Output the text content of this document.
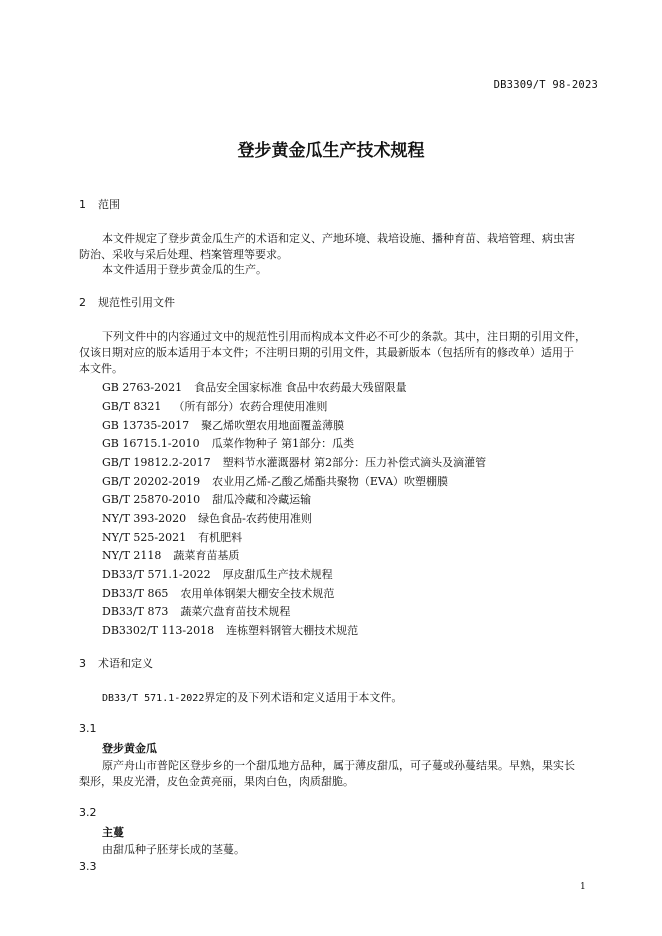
DB3309/T 98-2023
登步黄金瓜生产技术规程
1 范围
本文件规定了登步黄金瓜生产的术语和定义、产地环境、栽培设施、播种育苗、栽培管理、病虫害
防治、采收与采后处理、档案管理等要求。
本文件适用于登步黄金瓜的生产。
2 规范性引用文件
下列文件中的内容通过文中的规范性引用而构成本文件必不可少的条款。其中，注日期的引用文件，
仅该日期对应的版本适用于本文件；不注明日期的引用文件，其最新版本（包括所有的修改单）适用于
本文件。
GB 2763-2021 食品安全国家标准 食品中农药最大残留限量
GB/T 8321 （所有部分）农药合理使用准则
GB 13735-2017 聚乙烯吹塑农用地面覆盖薄膜
GB 16715.1-2010 瓜菜作物种子 第1部分：瓜类
GB/T 19812.2-2017 塑料节水灌溉器材 第2部分：压力补偿式滴头及滴灌管
GB/T 20202-2019 农业用乙烯-乙酸乙烯酯共聚物（EVA）吹塑棚膜
GB/T 25870-2010 甜瓜冷藏和冷藏运输
NY/T 393-2020 绿色食品-农药使用准则
NY/T 525-2021 有机肥料
NY/T 2118 蔬菜育苗基质
DB33/T 571.1-2022 厚皮甜瓜生产技术规程
DB33/T 865 农用单体钢架大棚安全技术规范
DB33/T 873 蔬菜穴盘育苗技术规程
DB3302/T 113-2018 连栋塑料钢管大棚技术规范
3 术语和定义
DB33/T 571.1-2022界定的及下列术语和定义适用于本文件。
3.1
登步黄金瓜
原产舟山市普陀区登步乡的一个甜瓜地方品种，属于薄皮甜瓜，可子蔓或孙蔓结果。早熟，果实长
梨形，果皮光滑，皮色金黄亮丽，果肉白色，肉质甜脆。
3.2
主蔓
由甜瓜种子胚芽长成的茎蔓。
3.3
1
